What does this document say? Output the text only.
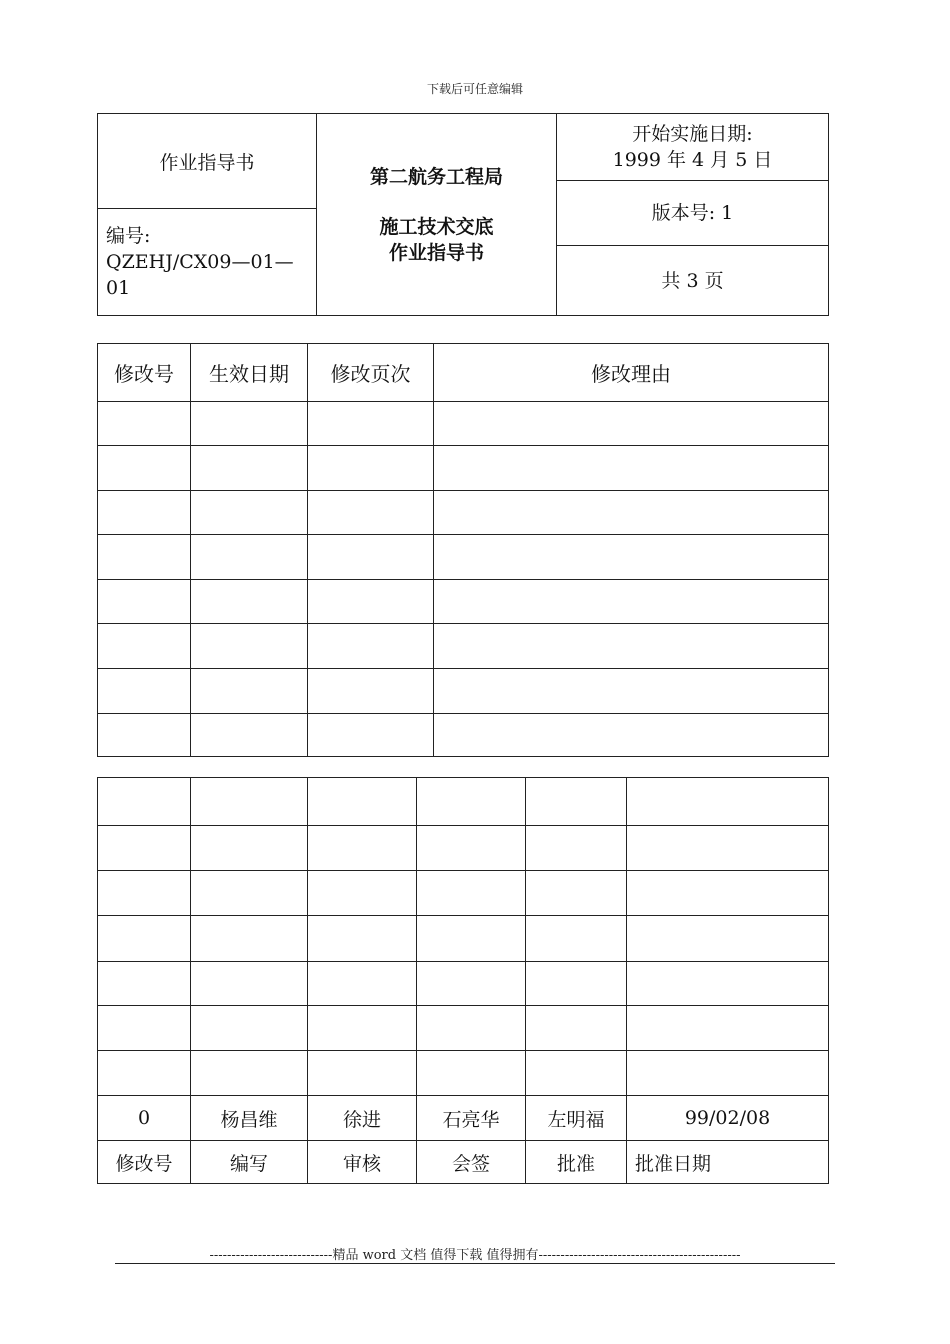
下载后可任意编辑
作业指导书	
第二航务工程局
施工技术交底
作业指导书

开始实施日期:
1999 年 4 月 5 日

版本号: 1

编号:
QZEHJ/CX09—01—01

共 3 页

修改号	生效日期	修改页次	修改理由

0	杨昌维	徐进	石亮华	左明福	99/02/08
修改号	编写	审核	会签	批准	批准日期
----------------------------精品 word 文档 值得下载 值得拥有----------------------------------------------
